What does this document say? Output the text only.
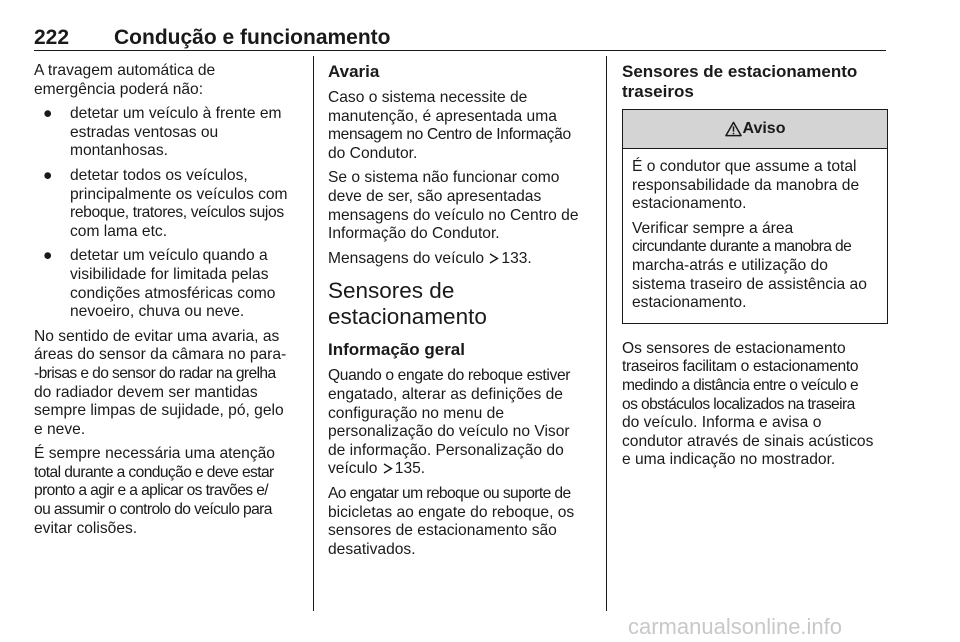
222 Condução e funcionamento

A travagem automática de
emergência poderá não:

● detetar um veículo à frente em
estradas ventosas ou
montanhosas.
● detetar todos os veículos,
principalmente os veículos com
reboque, tratores, veículos sujos
com lama etc.
● detetar um veículo quando a
visibilidade for limitada pelas
condições atmosféricas como
nevoeiro, chuva ou neve.

No sentido de evitar uma avaria, as
áreas do sensor da câmara no para-
-brisas e do sensor do radar na grelha
do radiador devem ser mantidas
sempre limpas de sujidade, pó, gelo
e neve.

É sempre necessária uma atenção
total durante a condução e deve estar
pronto a agir e a aplicar os travões e/
ou assumir o controlo do veículo para
evitar colisões.

Avaria

Caso o sistema necessite de
manutenção, é apresentada uma
mensagem no Centro de Informação
do Condutor.

Se o sistema não funcionar como
deve de ser, são apresentadas
mensagens do veículo no Centro de
Informação do Condutor.

Mensagens do veículo 133.

Sensores de
estacionamento
Informação geral

Quando o engate do reboque estiver
engatado, alterar as definições de
configuração no menu de
personalização do veículo no Visor
de informação. Personalização do
veículo 135.

Ao engatar um reboque ou suporte de
bicicletas ao engate do reboque, os
sensores de estacionamento são
desativados.

Sensores de estacionamento
traseiros
Aviso

É o condutor que assume a total
responsabilidade da manobra de
estacionamento.

Verificar sempre a área
circundante durante a manobra de
marcha-atrás e utilização do
sistema traseiro de assistência ao
estacionamento.

Os sensores de estacionamento
traseiros facilitam o estacionamento
medindo a distância entre o veículo e
os obstáculos localizados na traseira
do veículo. Informa e avisa o
condutor através de sinais acústicos
e uma indicação no mostrador.

carmanualsonline.info
